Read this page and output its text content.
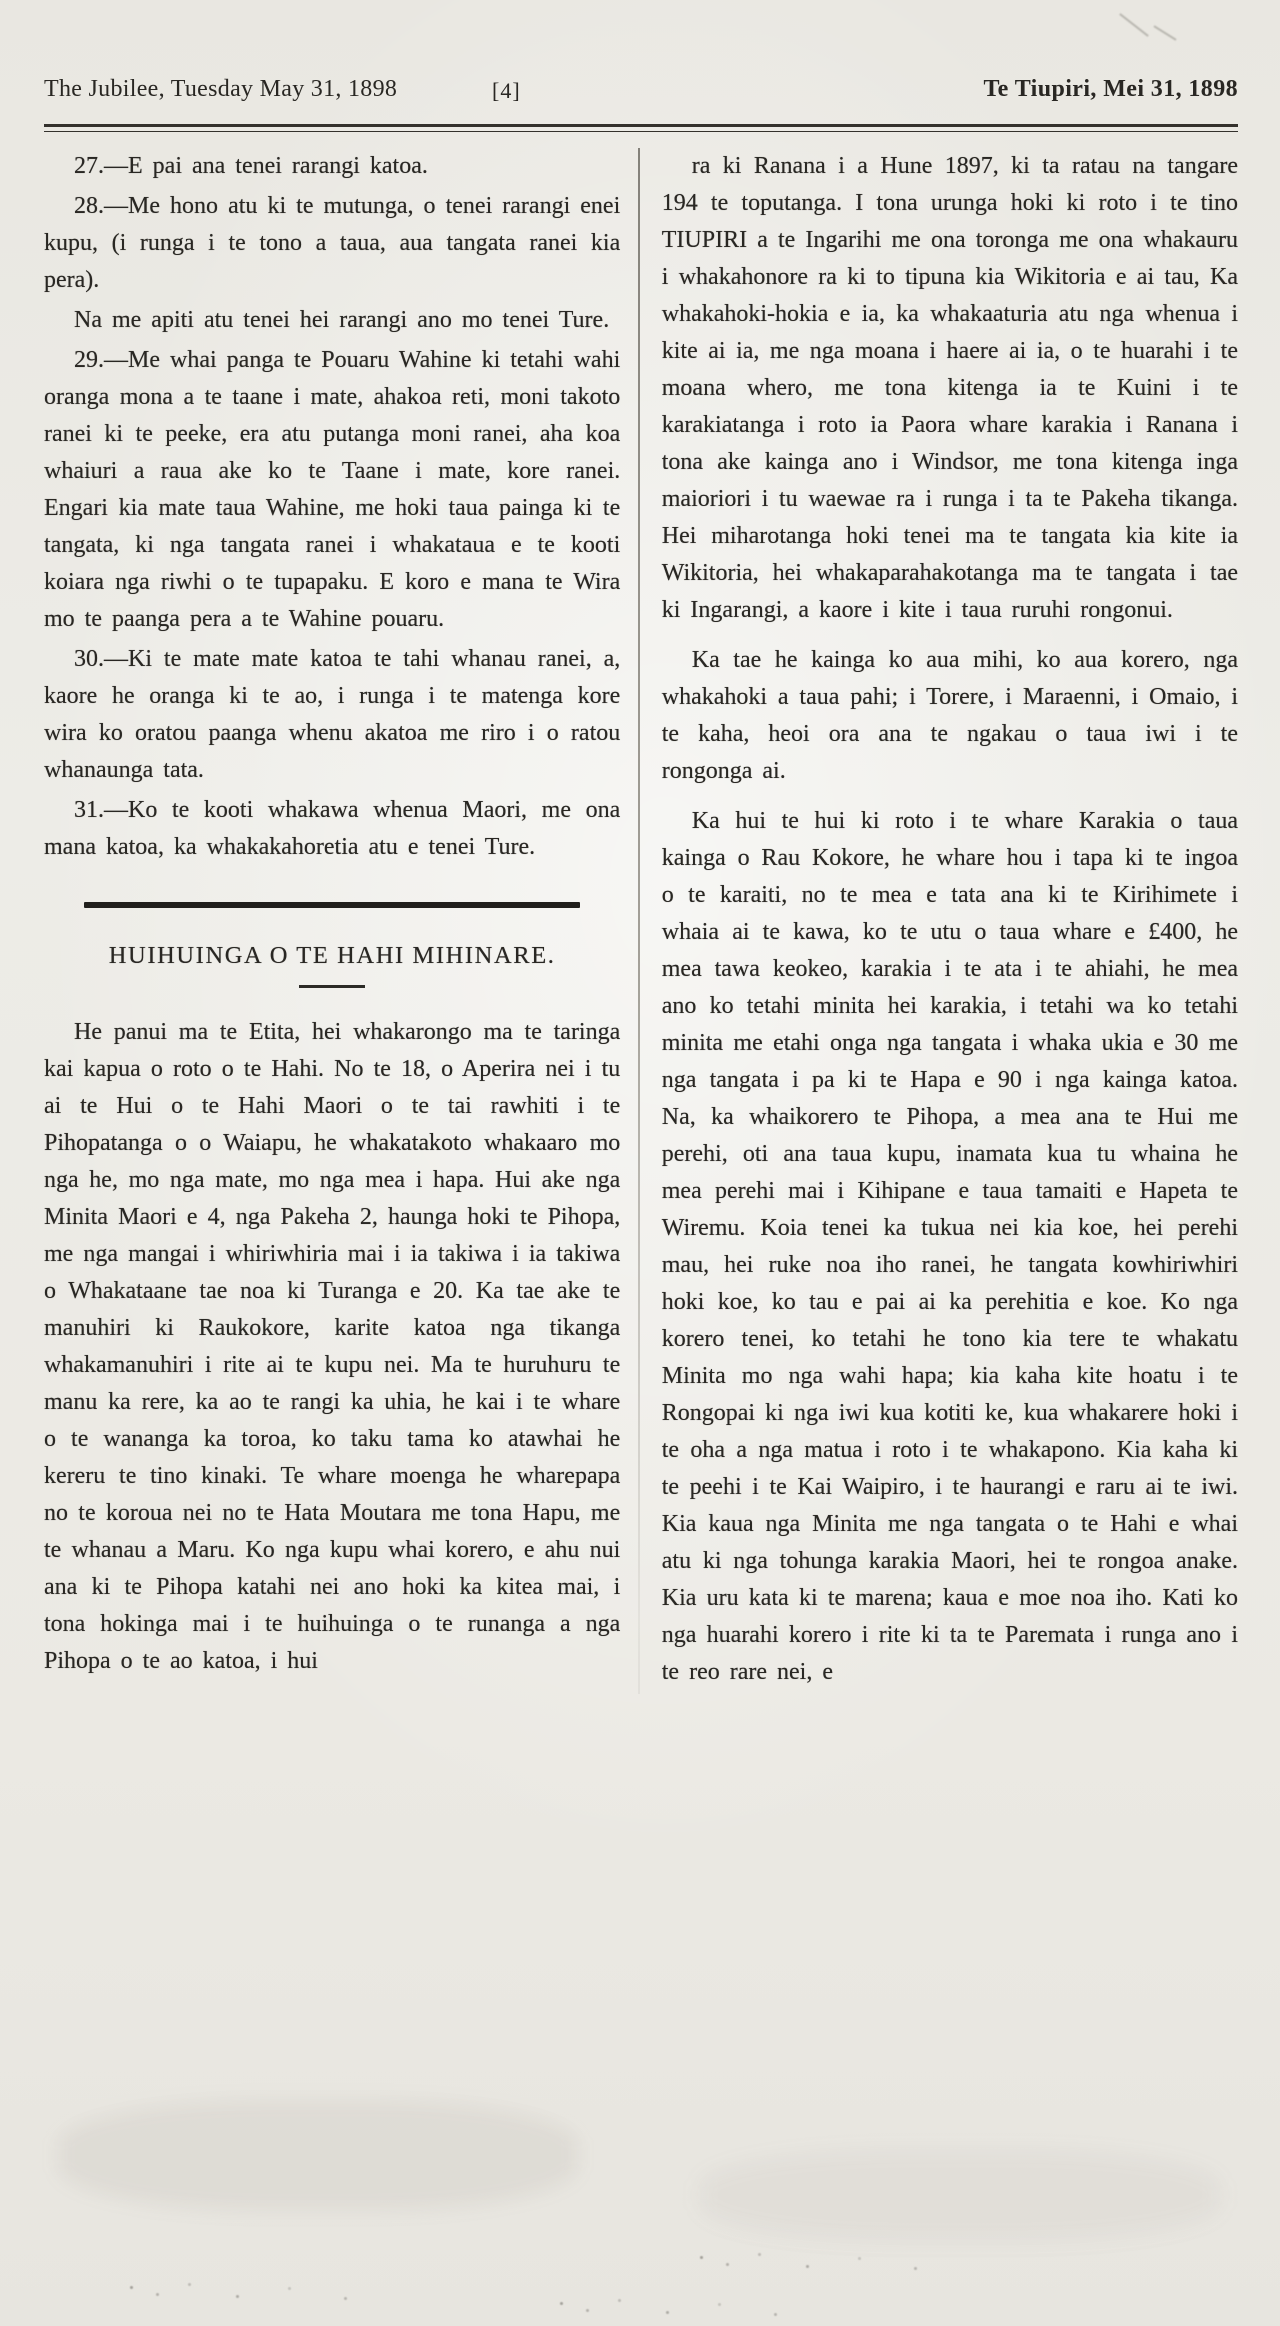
The Jubilee, Tuesday May 31, 1898	[4]	Te Tiupiri, Mei 31, 1898

27.—E pai ana tenei rarangi katoa.

28.—Me hono atu ki te mutunga, o tenei rarangi enei kupu, (i runga i te tono a taua, aua tangata ranei kia pera).

Na me apiti atu tenei hei rarangi ano mo tenei Ture.

29.—Me whai panga te Pouaru Wahine ki tetahi wahi oranga mona a te taane i mate, ahakoa reti, moni takoto ranei ki te peeke, era atu putanga moni ranei, aha koa whaiuri a raua ake ko te Taane i mate, kore ranei. Engari kia mate taua Wahine, me hoki taua painga ki te tangata, ki nga tangata ranei i whakataua e te kooti koiara nga riwhi o te tupapaku. E koro e mana te Wira mo te paanga pera a te Wahine pouaru.

30.—Ki te mate mate katoa te tahi whanau ranei, a, kaore he oranga ki te ao, i runga i te matenga kore wira ko oratou paanga whenu akatoa me riro i o ratou whanaunga tata.

31.—Ko te kooti whakawa whenua Maori, me ona mana katoa, ka whakakahoretia atu e tenei Ture.

HUIHUINGA O TE HAHI MIHINARE.

He panui ma te Etita, hei whakarongo ma te taringa kai kapua o roto o te Hahi. No te 18, o Aperira nei i tu ai te Hui o te Hahi Maori o te tai rawhiti i te Pihopatanga o o Waiapu, he whakatakoto whakaaro mo nga he, mo nga mate, mo nga mea i hapa. Hui ake nga Minita Maori e 4, nga Pakeha 2, haunga hoki te Pihopa, me nga mangai i whiriwhiria mai i ia takiwa i ia takiwa o Whakataane tae noa ki Turanga e 20. Ka tae ake te manuhiri ki Raukokore, karite katoa nga tikanga whakamanuhiri i rite ai te kupu nei. Ma te huruhuru te manu ka rere, ka ao te rangi ka uhia, he kai i te whare o te wananga ka toroa, ko taku tama ko atawhai he kereru te tino kinaki. Te whare moenga he wharepapa no te koroua nei no te Hata Moutara me tona Hapu, me te whanau a Maru. Ko nga kupu whai korero, e ahu nui ana ki te Pihopa katahi nei ano hoki ka kitea mai, i tona hokinga mai i te huihuinga o te runanga a nga Pihopa o te ao katoa, i hui

ra ki Ranana i a Hune 1897, ki ta ratau na tangare 194 te toputanga. I tona urunga hoki ki roto i te tino TIUPIRI a te Ingarihi me ona toronga me ona whakauru i whakahonore ra ki to tipuna kia Wikitoria e ai tau, Ka whakahoki-hokia e ia, ka whakaaturia atu nga whenua i kite ai ia, me nga moana i haere ai ia, o te huarahi i te moana whero, me tona kitenga ia te Kuini i te karakiatanga i roto ia Paora whare karakia i Ranana i tona ake kainga ano i Windsor, me tona kitenga inga maioriori i tu waewae ra i runga i ta te Pakeha tikanga. Hei miharotanga hoki tenei ma te tangata kia kite ia Wikitoria, hei whakaparahakotanga ma te tangata i tae ki Ingarangi, a kaore i kite i taua ruruhi rongonui.

Ka tae he kainga ko aua mihi, ko aua korero, nga whakahoki a taua pahi; i Torere, i Maraenni, i Omaio, i te kaha, heoi ora ana te ngakau o taua iwi i te rongonga ai.

Ka hui te hui ki roto i te whare Karakia o taua kainga o Rau Kokore, he whare hou i tapa ki te ingoa o te karaiti, no te mea e tata ana ki te Kirihimete i whaia ai te kawa, ko te utu o taua whare e £400, he mea tawa keokeo, karakia i te ata i te ahiahi, he mea ano ko tetahi minita hei karakia, i tetahi wa ko tetahi minita me etahi onga nga tangata i whaka ukia e 30 me nga tangata i pa ki te Hapa e 90 i nga kainga katoa. Na, ka whaikorero te Pihopa, a mea ana te Hui me perehi, oti ana taua kupu, inamata kua tu whaina he mea perehi mai i Kihipane e taua tamaiti e Hapeta te Wiremu. Koia tenei ka tukua nei kia koe, hei perehi mau, hei ruke noa iho ranei, he tangata kowhiriwhiri hoki koe, ko tau e pai ai ka perehitia e koe. Ko nga korero tenei, ko tetahi he tono kia tere te whakatu Minita mo nga wahi hapa; kia kaha kite hoatu i te Rongopai ki nga iwi kua kotiti ke, kua whakarere hoki i te oha a nga matua i roto i te whakapono. Kia kaha ki te peehi i te Kai Waipiro, i te haurangi e raru ai te iwi. Kia kaua nga Minita me nga tangata o te Hahi e whai atu ki nga tohunga karakia Maori, hei te rongoa anake. Kia uru kata ki te marena; kaua e moe noa iho. Kati ko nga huarahi korero i rite ki ta te Paremata i runga ano i te reo rare nei, e
